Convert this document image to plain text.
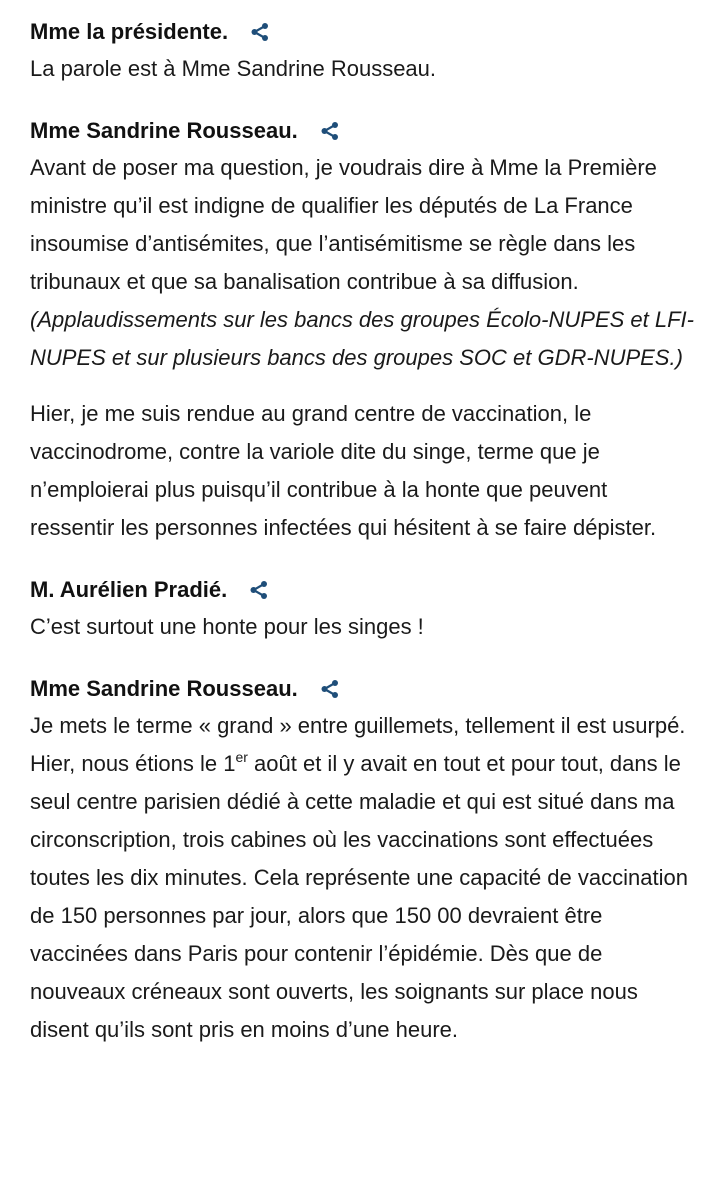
Mme la présidente.

La parole est à Mme Sandrine Rousseau.

Mme Sandrine Rousseau.

Avant de poser ma question, je voudrais dire à Mme la Première ministre qu’il est indigne de qualifier les députés de La France insoumise d’antisémites, que l’antisémitisme se règle dans les tribunaux et que sa banalisation contribue à sa diffusion. (Applaudissements sur les bancs des groupes Écolo-NUPES et LFI-NUPES et sur plusieurs bancs des groupes SOC et GDR-NUPES.)

Hier, je me suis rendue au grand centre de vaccination, le vaccinodrome, contre la variole dite du singe, terme que je n’emploierai plus puisqu’il contribue à la honte que peuvent ressentir les personnes infectées qui hésitent à se faire dépister.

M. Aurélien Pradié.

C’est surtout une honte pour les singes !

Mme Sandrine Rousseau.

Je mets le terme « grand » entre guillemets, tellement il est usurpé. Hier, nous étions le 1er août et il y avait en tout et pour tout, dans le seul centre parisien dédié à cette maladie et qui est situé dans ma circonscription, trois cabines où les vaccinations sont effectuées toutes les dix minutes. Cela représente une capacité de vaccination de 150 personnes par jour, alors que 150 00 devraient être vaccinées dans Paris pour contenir l’épidémie. Dès que de nouveaux créneaux sont ouverts, les soignants sur place nous disent qu’ils sont pris en moins d’une heure.
